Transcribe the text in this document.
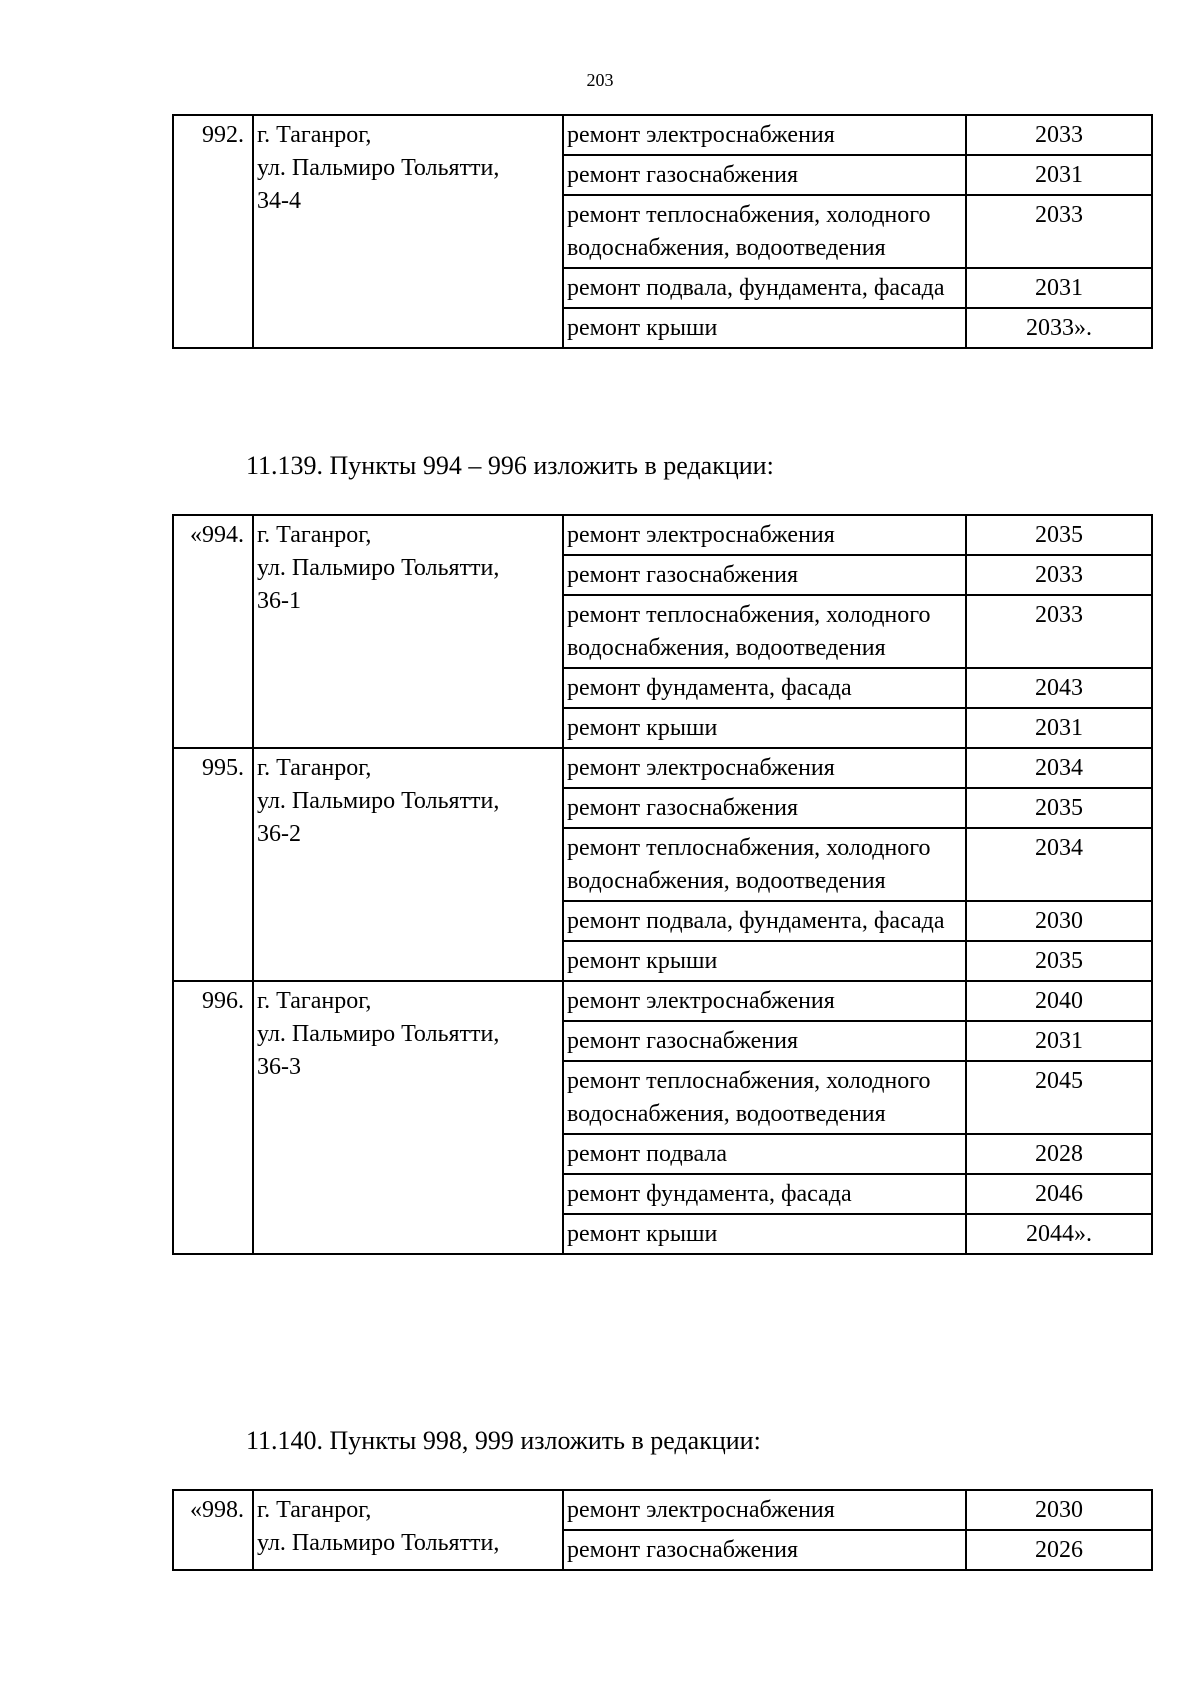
203
992.	г. Таганрог,
ул. Пальмиро Тольятти,
34-4	ремонт электроснабжения	2033
		ремонт газоснабжения	2031
		ремонт теплоснабжения, холодного водоснабжения, водоотведения	2033
		ремонт подвала, фундамента, фасада	2031
		ремонт крыши	2033».
11.139. Пункты 994 – 996 изложить в редакции:
«994.	г. Таганрог,
ул. Пальмиро Тольятти,
36-1	ремонт электроснабжения	2035
		ремонт газоснабжения	2033
		ремонт теплоснабжения, холодного водоснабжения, водоотведения	2033
		ремонт фундамента, фасада	2043
		ремонт крыши	2031
995.	г. Таганрог,
ул. Пальмиро Тольятти,
36-2	ремонт электроснабжения	2034
		ремонт газоснабжения	2035
		ремонт теплоснабжения, холодного водоснабжения, водоотведения	2034
		ремонт подвала, фундамента, фасада	2030
		ремонт крыши	2035
996.	г. Таганрог,
ул. Пальмиро Тольятти,
36-3	ремонт электроснабжения	2040
		ремонт газоснабжения	2031
		ремонт теплоснабжения, холодного водоснабжения, водоотведения	2045
		ремонт подвала	2028
		ремонт фундамента, фасада	2046
		ремонт крыши	2044».
11.140. Пункты 998, 999 изложить в редакции:
«998.	г. Таганрог,
ул. Пальмиро Тольятти,	ремонт электроснабжения	2030
		ремонт газоснабжения	2026
